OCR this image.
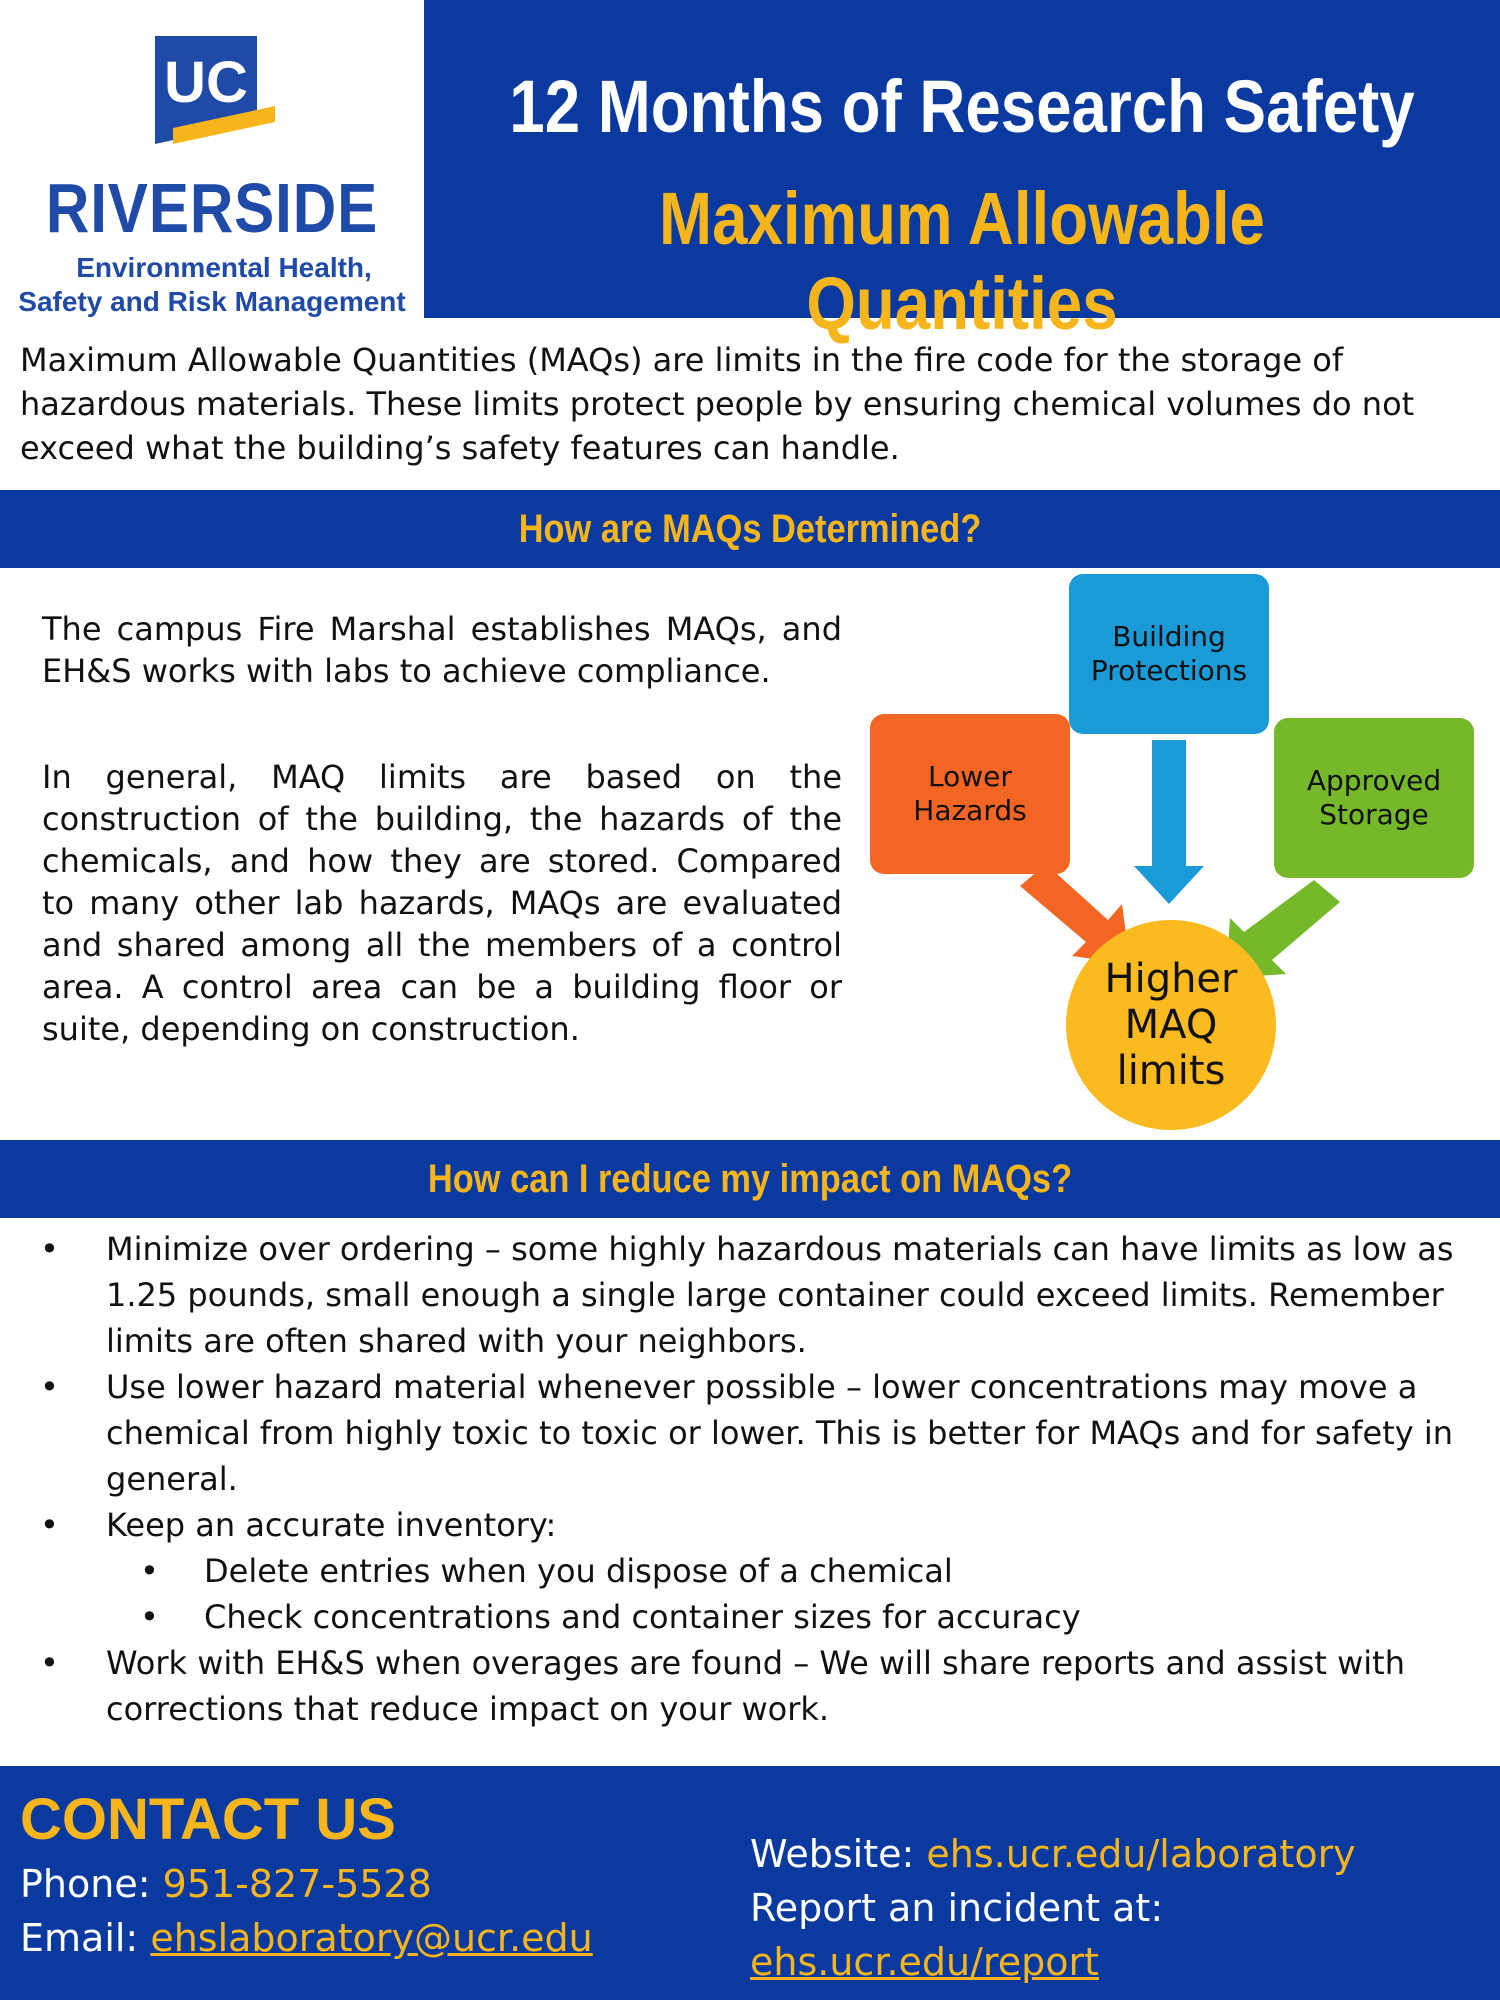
UC
RIVERSIDE
Environmental Health,
Safety and Risk Management
12 Months of Research Safety
Maximum Allowable Quantities
Maximum Allowable Quantities (MAQs) are limits in the fire code for the storage of hazardous materials. These limits protect people by ensuring chemical volumes do not exceed what the building’s safety features can handle.
How are MAQs Determined?
The campus Fire Marshal establishes MAQs, and EH&S works with labs to achieve compliance.
In general, MAQ limits are based on the construction of the building, the hazards of the chemicals, and how they are stored. Compared to many other lab hazards, MAQs are evaluated and shared among all the members of a control area. A control area can be a building floor or suite, depending on construction.
Building Protections
Lower Hazards
Approved Storage
Higher MAQ limits
How can I reduce my impact on MAQs?
• Minimize over ordering – some highly hazardous materials can have limits as low as 1.25 pounds, small enough a single large container could exceed limits. Remember limits are often shared with your neighbors.
• Use lower hazard material whenever possible – lower concentrations may move a chemical from highly toxic to toxic or lower. This is better for MAQs and for safety in general.
• Keep an accurate inventory:
• Delete entries when you dispose of a chemical
• Check concentrations and container sizes for accuracy
• Work with EH&S when overages are found – We will share reports and assist with corrections that reduce impact on your work.
CONTACT US
Phone: 951-827-5528
Email: ehslaboratory@ucr.edu
Website: ehs.ucr.edu/laboratory
Report an incident at:
ehs.ucr.edu/report
